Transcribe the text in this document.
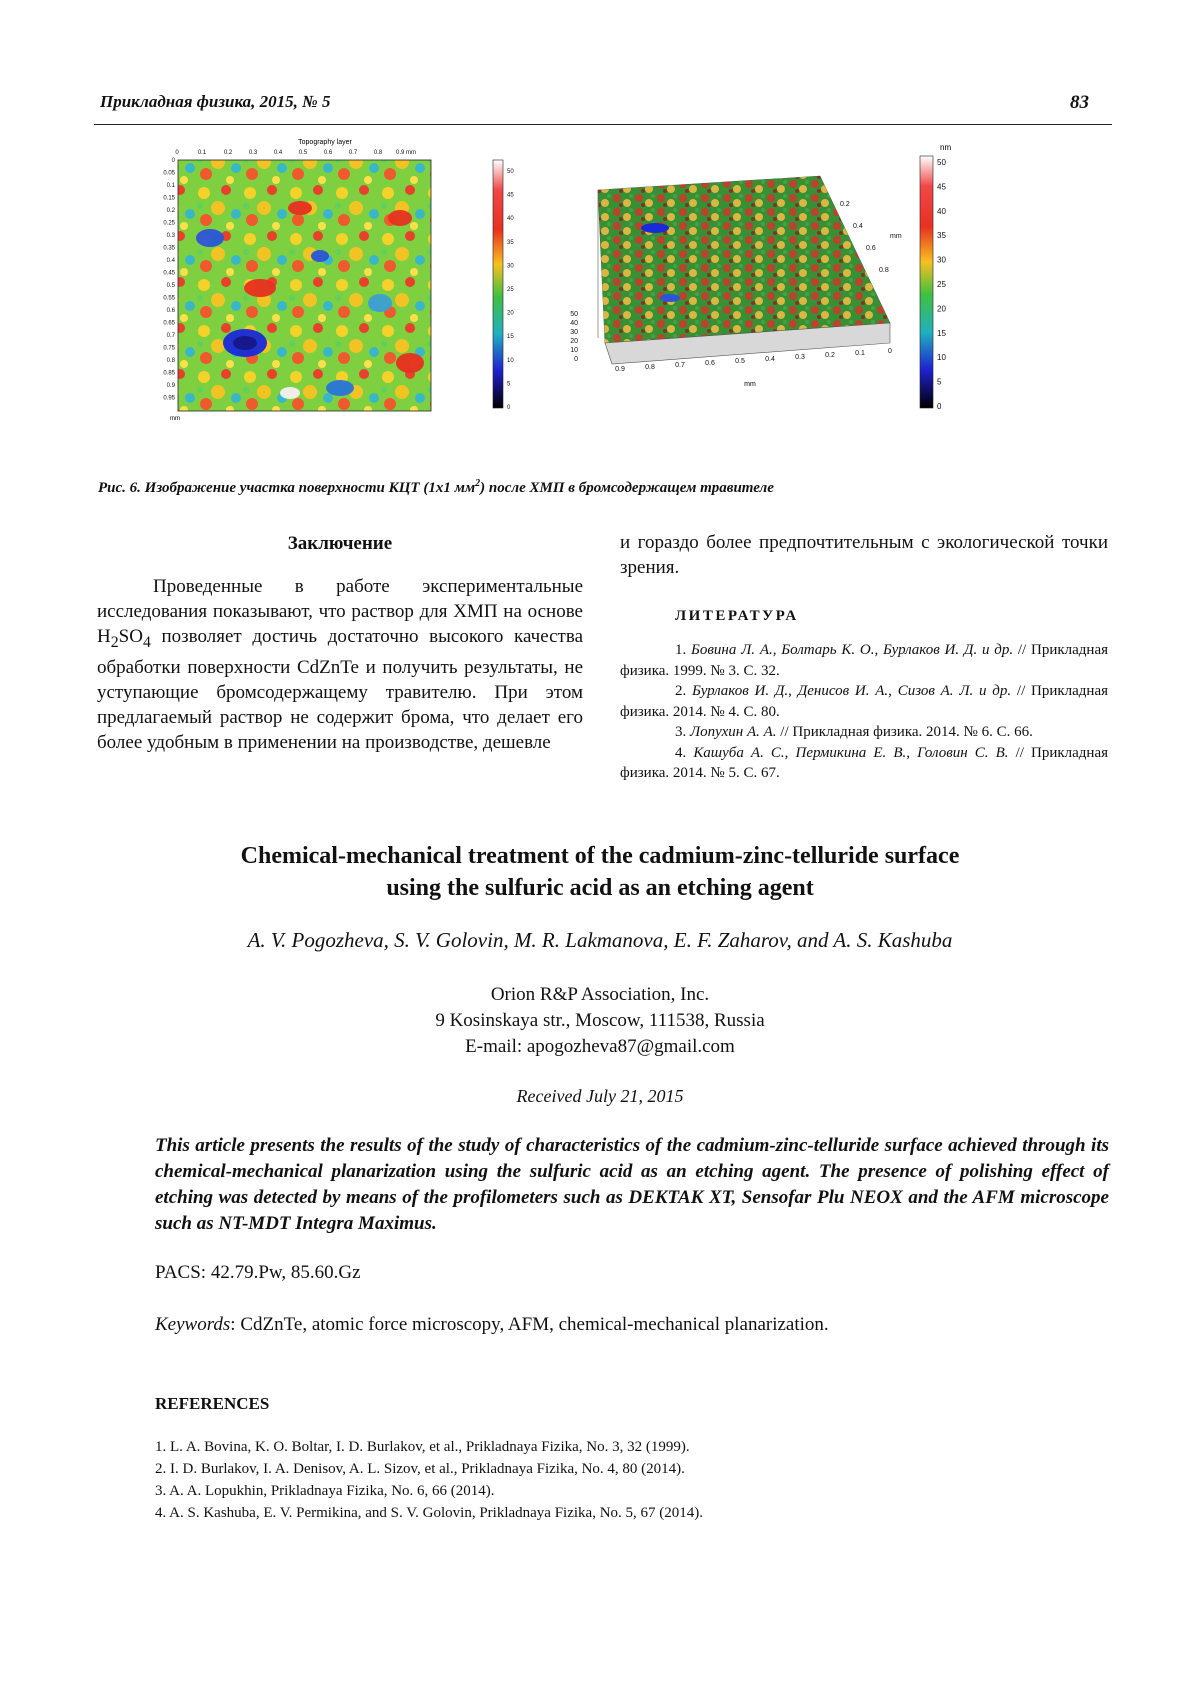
Прикладная физика, 2015, № 5	83
Topography layer
0	0.1	0.2	0.3	0.4	0.5	0.6	0.7	0.8 0.9 mm
0
0.05
0.1
0.15
0.2
0.25
0.3
0.35
0.4
0.45
0.5
0.55
0.6
0.65
0.7
0.75
0.8
0.85
0.9
0.95
mm
50
45
40
35
30
25
20
15
10
5
0
50
40
30
20
10
0
0.9	0.8	0.7	0.6	0.5	0.4	0.3	0.2	0.1	0
mm
0.2
0.4
0.6
0.8
mm
nm
50
45
40
35
30
25
20
15
10
5
0
Рис. 6. Изображение участка поверхности КЦТ (1х1 $мм^2$) после ХМП в бромсодержащем травителе
Заключение

Проведенные в работе экспериментальные исследования показывают, что раствор для ХМП на основе $H_2SO_4$ позволяет достичь достаточно высокого качества обработки поверхности CdZnTe и получить результаты, не уступающие бромсодержащему травителю. При этом предлагаемый раствор не содержит брома, что делает его более удобным в применении на производстве, дешевле

и гораздо более предпочтительным с экологической точки зрения.

ЛИТЕРАТУРА
1. Бовина Л. А., Болтарь К. О., Бурлаков И. Д. и др. // Прикладная физика. 1999. № 3. С. 32.
2. Бурлаков И. Д., Денисов И. А., Сизов А. Л. и др. // Прикладная физика. 2014. № 4. С. 80.
3. Лопухин А. А. // Прикладная физика. 2014. № 6. С. 66.
4. Кашуба А. С., Пермикина Е. В., Головин С. В. // Прикладная физика. 2014. № 5. С. 67.
Chemical-mechanical treatment of the cadmium-zinc-telluride surface
using the sulfuric acid as an etching agent
A. V. Pogozheva, S. V. Golovin, M. R. Lakmanova, E. F. Zaharov, and A. S. Kashuba
Orion R&P Association, Inc.
9 Kosinskaya str., Moscow, 111538, Russia
E-mail: apogozheva87@gmail.com
Received July 21, 2015
This article presents the results of the study of characteristics of the cadmium-zinc-telluride surface achieved through its chemical-mechanical planarization using the sulfuric acid as an etching agent. The presence of polishing effect of etching was detected by means of the profilometers such as DEKTAK XT, Sensofar Plu NEOX and the AFM microscope such as NT-MDT Integra Maximus.
PACS: 42.79.Pw, 85.60.Gz
Keywords: CdZnTe, atomic force microscopy, AFM, chemical-mechanical planarization.
REFERENCES
1. L. A. Bovina, K. O. Boltar, I. D. Burlakov, et al., Prikladnaya Fizika, No. 3, 32 (1999).
2. I. D. Burlakov, I. A. Denisov, A. L. Sizov, et al., Prikladnaya Fizika, No. 4, 80 (2014).
3. A. A. Lopukhin, Prikladnaya Fizika, No. 6, 66 (2014).
4. A. S. Kashuba, E. V. Permikina, and S. V. Golovin, Prikladnaya Fizika, No. 5, 67 (2014).
